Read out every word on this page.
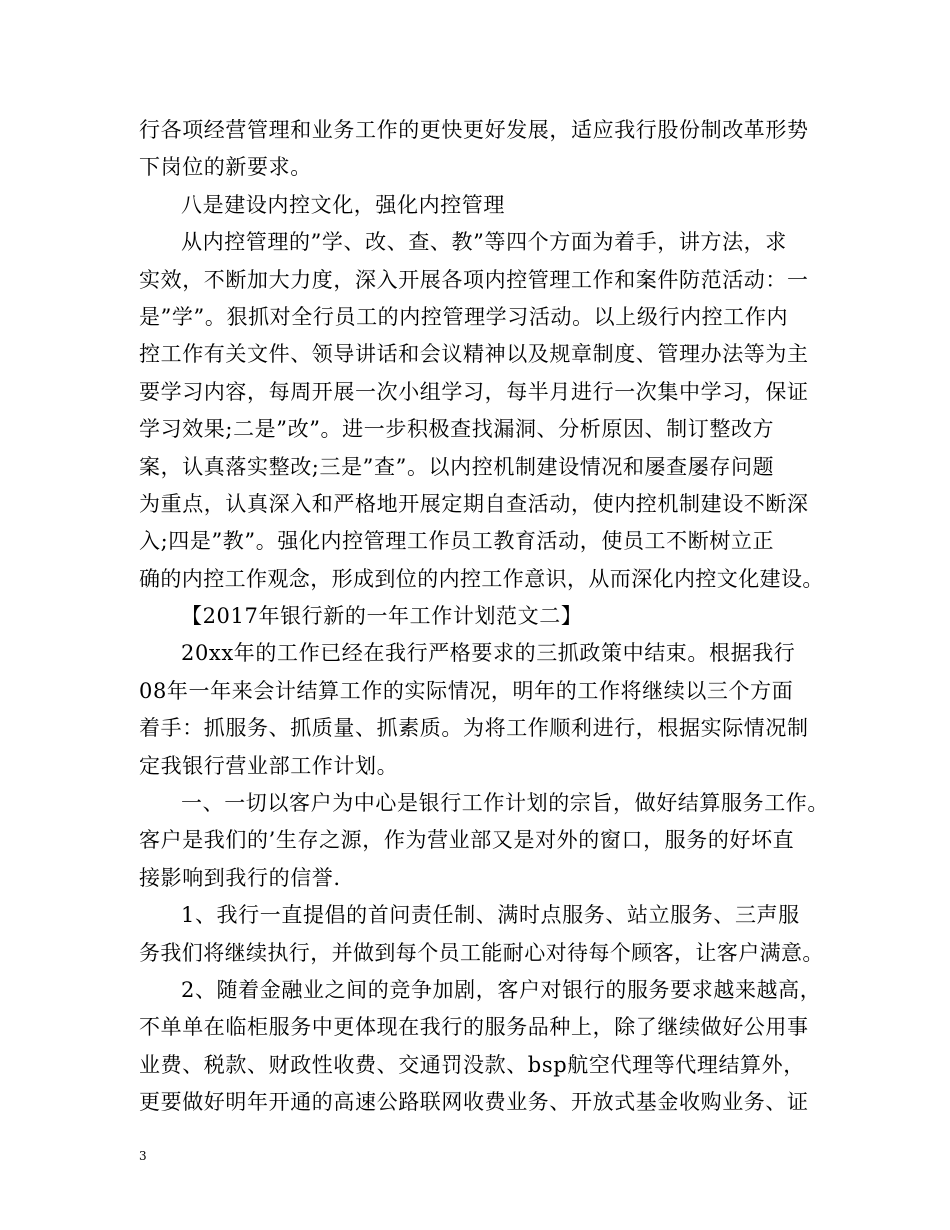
行各项经营管理和业务工作的更快更好发展，适应我行股份制改革形势
下岗位的新要求。
八是建设内控文化，强化内控管理
从内控管理的”学、改、查、教”等四个方面为着手，讲方法，求
实效，不断加大力度，深入开展各项内控管理工作和案件防范活动：一
是”学”。狠抓对全行员工的内控管理学习活动。以上级行内控工作内
控工作有关文件、领导讲话和会议精神以及规章制度、管理办法等为主
要学习内容，每周开展一次小组学习，每半月进行一次集中学习，保证
学习效果;二是”改”。进一步积极查找漏洞、分析原因、制订整改方
案，认真落实整改;三是”查”。以内控机制建设情况和屡查屡存问题
为重点，认真深入和严格地开展定期自查活动，使内控机制建设不断深
入;四是”教”。强化内控管理工作员工教育活动，使员工不断树立正
确的内控工作观念，形成到位的内控工作意识，从而深化内控文化建设。
【2017年银行新的一年工作计划范文二】
20xx年的工作已经在我行严格要求的三抓政策中结束。根据我行
08年一年来会计结算工作的实际情况，明年的工作将继续以三个方面
着手：抓服务、抓质量、抓素质。为将工作顺利进行，根据实际情况制
定我银行营业部工作计划。
一、一切以客户为中心是银行工作计划的宗旨，做好结算服务工作。
客户是我们的’生存之源，作为营业部又是对外的窗口，服务的好坏直
接影响到我行的信誉.
1、我行一直提倡的首问责任制、满时点服务、站立服务、三声服
务我们将继续执行，并做到每个员工能耐心对待每个顾客，让客户满意。
2、随着金融业之间的竞争加剧，客户对银行的服务要求越来越高，
不单单在临柜服务中更体现在我行的服务品种上，除了继续做好公用事
业费、税款、财政性收费、交通罚没款、bsp航空代理等代理结算外，
更要做好明年开通的高速公路联网收费业务、开放式基金收购业务、证
3
